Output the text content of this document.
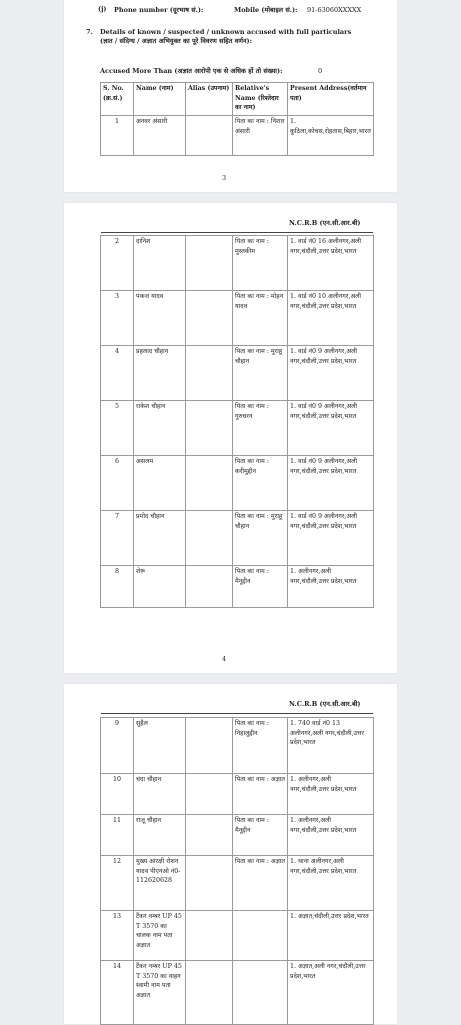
(j) Phone number (दूरभाष सं.):	Mobile (मोबाइल सं.): 91-63060XXXXX
7. Details of known / suspected / unknown accused with full particulars (ज्ञात / संदिग्ध / अज्ञात अभियुक्त का पूरे विवरण सहित वर्णन):
Accused More Than (अज्ञात आरोपी एक से अधिक हों तो संख्या):	0
S. No. (क्र.सं.)	Name (नाम)	Alias (उपनाम)	Relative's Name (रिश्तेदार का नाम)	Present Address(वर्तमान पता)
1	अनवर अंसारी		पिता का नाम : निशार अंसारी	1. कुठिला,कोचस,रोहतास,बिहार,भारत
3
N.C.R.B (एन.सी.आर.बी)
2	दानिश		पिता का नाम : मुस्तकीम	1. वार्ड नं0 16 अलीनगर,अली नगर,चंदौली,उत्तर प्रदेश,भारत
3	पंकज यादव		पिता का नाम : मोहन यादव	1. वार्ड नं0 10 अलीनगर,अली नगर,चंदौली,उत्तर प्रदेश,भारत
4	प्रहलाद चौहान		पिता का नाम : मुराहू चौहान	1. वार्ड नं0 9 अलीनगर,अली नगर,चंदौली,उत्तर प्रदेश,भारत
5	राकेश चौहान		पिता का नाम : गुरुचरन	1. वार्ड नं0 9 अलीनगर,अली नगर,चंदौली,उत्तर प्रदेश,भारत
6	असलम		पिता का नाम : करीमुद्दीन	1. वार्ड नं0 9 अलीनगर,अली नगर,चंदौली,उत्तर प्रदेश,भारत
7	प्रमोद चौहान		पिता का नाम : मुराहू चौहान	1. वार्ड नं0 9 अलीनगर,अली नगर,चंदौली,उत्तर प्रदेश,भारत
8	शेरू		पिता का नाम : मैनूद्दीन	1. अलीनगर,अली नगर,चंदौली,उत्तर प्रदेश,भारत
4
N.C.R.B (एन.सी.आर.बी)
9	सुहैल		पिता का नाम : निहालुद्दीन	1. 740 वार्ड नं0 13 अलीनगर,अली नगर,चंदौली,उत्तर प्रदेश,भारत
10	चंदा चौहान		पिता का नाम : अज्ञात	1. अलीनगर,अली नगर,चंदौली,उत्तर प्रदेश,भारत
11	राजू चौहान		पिता का नाम : मैनूद्दीन	1. अलीनगर,अली नगर,चंदौली,उत्तर प्रदेश,भारत
12	मुख्य आरक्षी रोशन यादव पीएनओ नं0-112620628		पिता का नाम : अज्ञात	1. थाना अलीनगर,अली नगर,चंदौली,उत्तर प्रदेश,भारत
13	टैंकर नम्बर UP 45 T 3570 का चालक नाम पता अज्ञात			1. अज्ञात,चंदौली,उत्तर प्रदेश,भारत
14	टैंकर नम्बर UP 45 T 3570 का वाहन स्वामी नाम पता अज्ञात			1. अज्ञात,अली नगर,चंदौली,उत्तर प्रदेश,भारत
